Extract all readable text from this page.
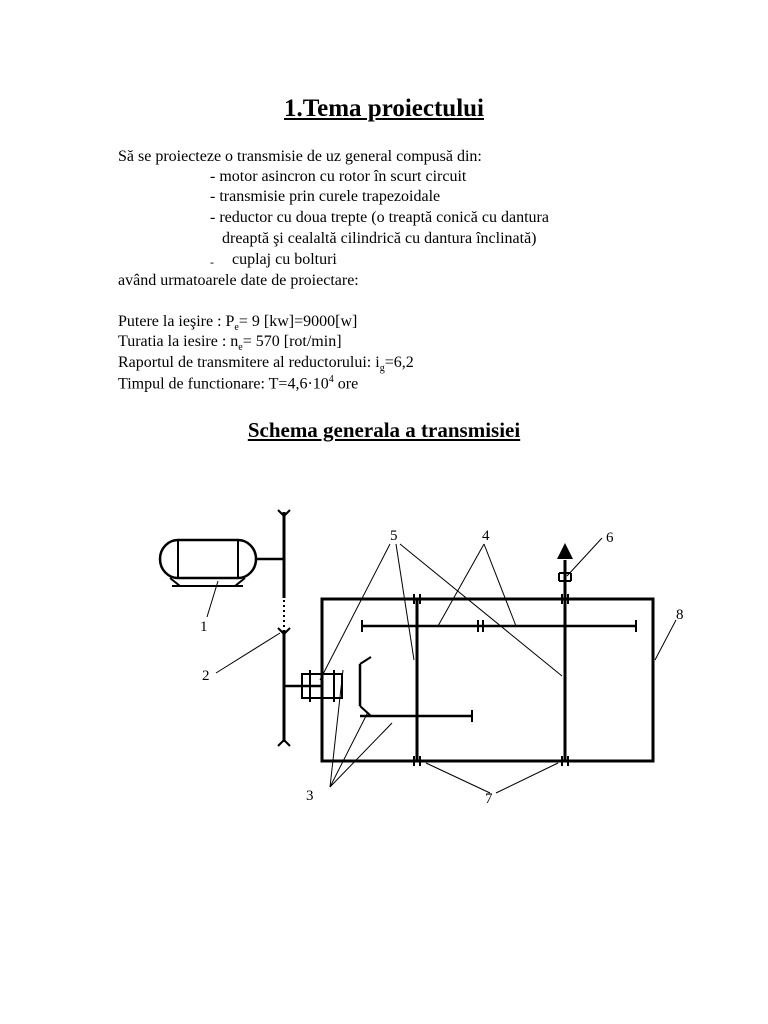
1.Tema proiectului

Să se proiecteze o transmisie de uz general compusă din:

- motor asincron cu rotor în scurt circuit

- transmisie prin curele trapezoidale

- reductor cu doua trepte (o treaptă conică cu dantura

dreaptă şi cealaltă cilindrică cu dantura înclinată)

- cuplaj cu bolturi

având urmatoarele date de proiectare:

Putere la ieşire : $P_e= 9$ [kw]=9000[w]

Turatia la iesire : $n_e= 570$ [rot/min]

Raportul de transmitere al reductorului: $i_g=6,2$

Timpul de functionare: $T=4,6\cdot 10^4$ ore

Schema generala a transmisiei
1
2
3
4
5	6
7
8
